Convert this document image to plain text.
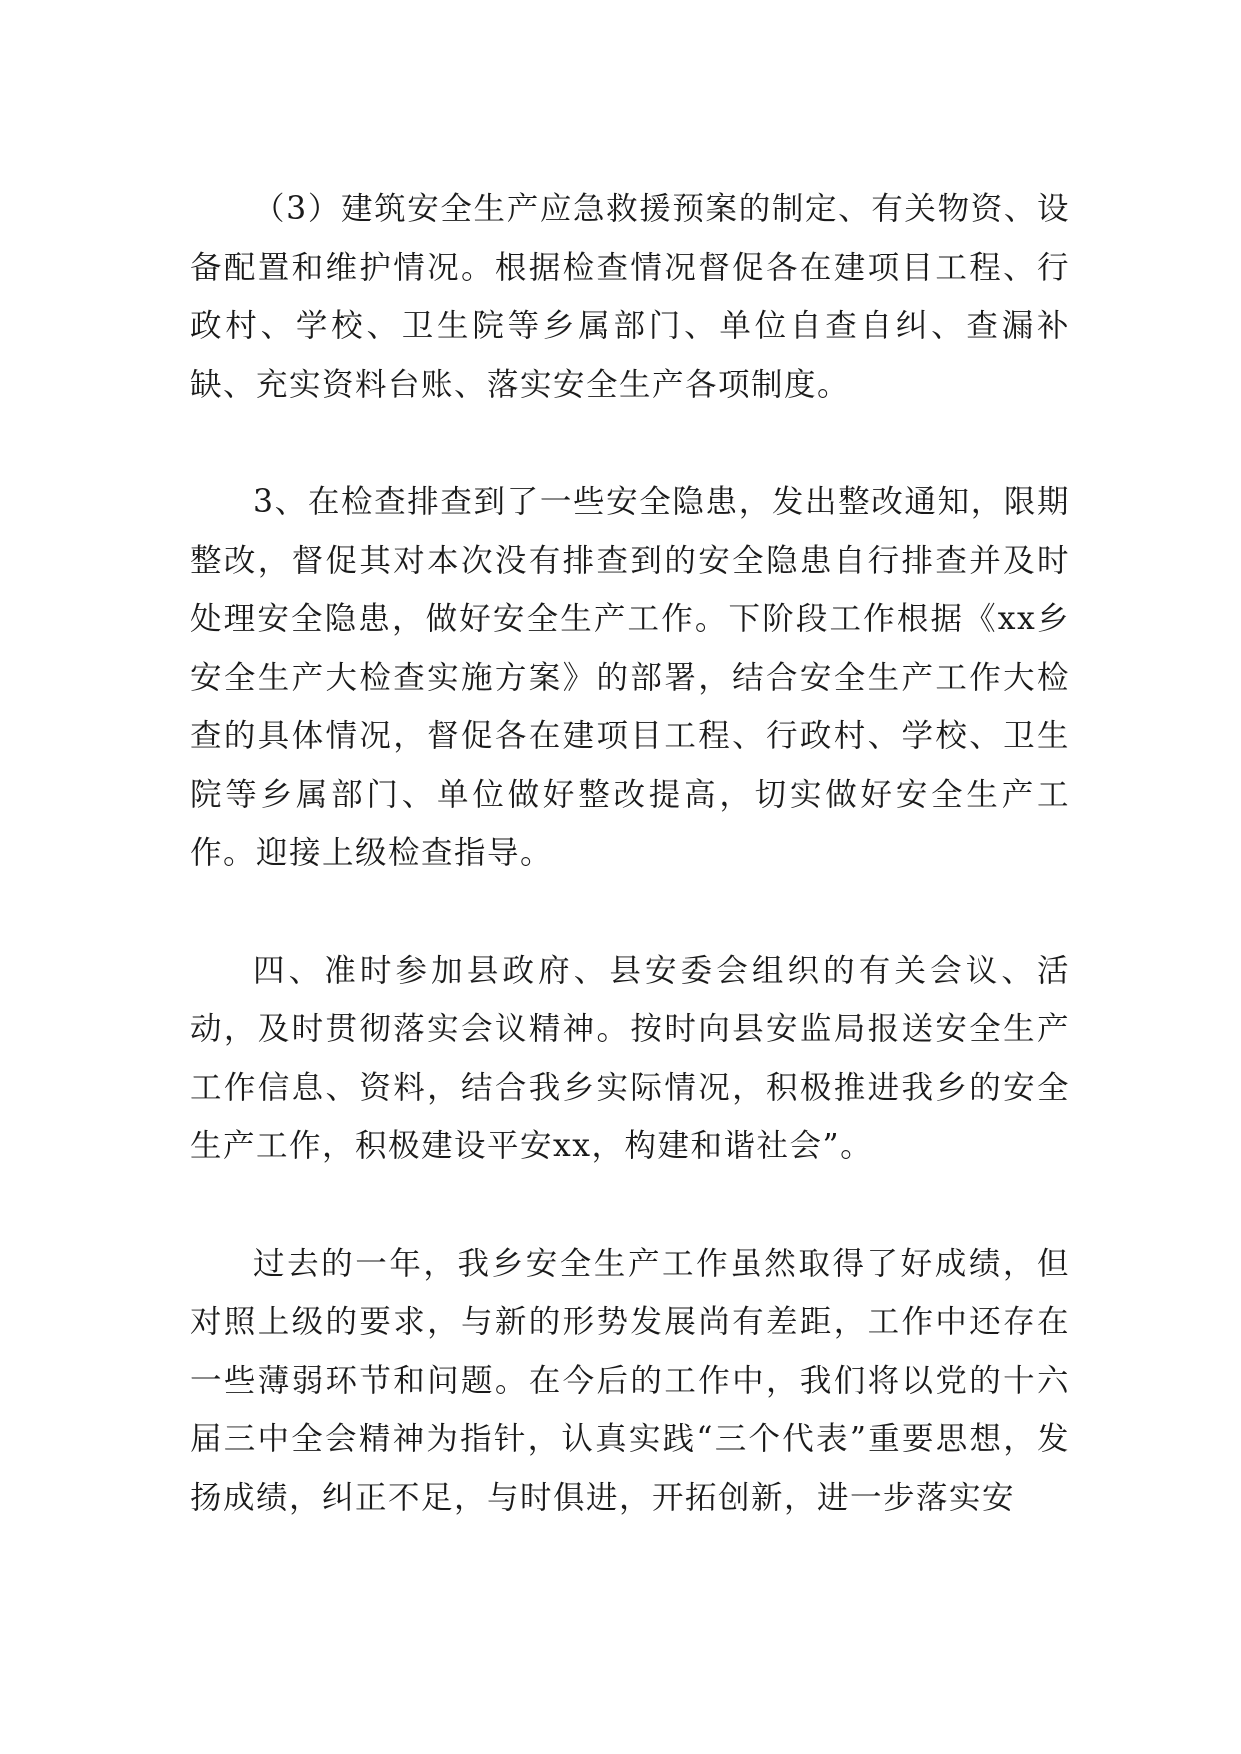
（3）建筑安全生产应急救援预案的制定、有关物资、设备配置和维护情况。根据检查情况督促各在建项目工程、行政村、学校、卫生院等乡属部门、单位自查自纠、查漏补缺、充实资料台账、落实安全生产各项制度。

3、在检查排查到了一些安全隐患，发出整改通知，限期整改，督促其对本次没有排查到的安全隐患自行排查并及时处理安全隐患，做好安全生产工作。下阶段工作根据《xx乡安全生产大检查实施方案》的部署，结合安全生产工作大检查的具体情况，督促各在建项目工程、行政村、学校、卫生院等乡属部门、单位做好整改提高，切实做好安全生产工作。迎接上级检查指导。

四、准时参加县政府、县安委会组织的有关会议、活动，及时贯彻落实会议精神。按时向县安监局报送安全生产工作信息、资料，结合我乡实际情况，积极推进我乡的安全生产工作，积极建设平安xx，构建和谐社会”。

过去的一年，我乡安全生产工作虽然取得了好成绩，但对照上级的要求，与新的形势发展尚有差距，工作中还存在一些薄弱环节和问题。在今后的工作中，我们将以党的十六届三中全会精神为指针，认真实践“三个代表”重要思想，发扬成绩，纠正不足，与时俱进，开拓创新，进一步落实安
